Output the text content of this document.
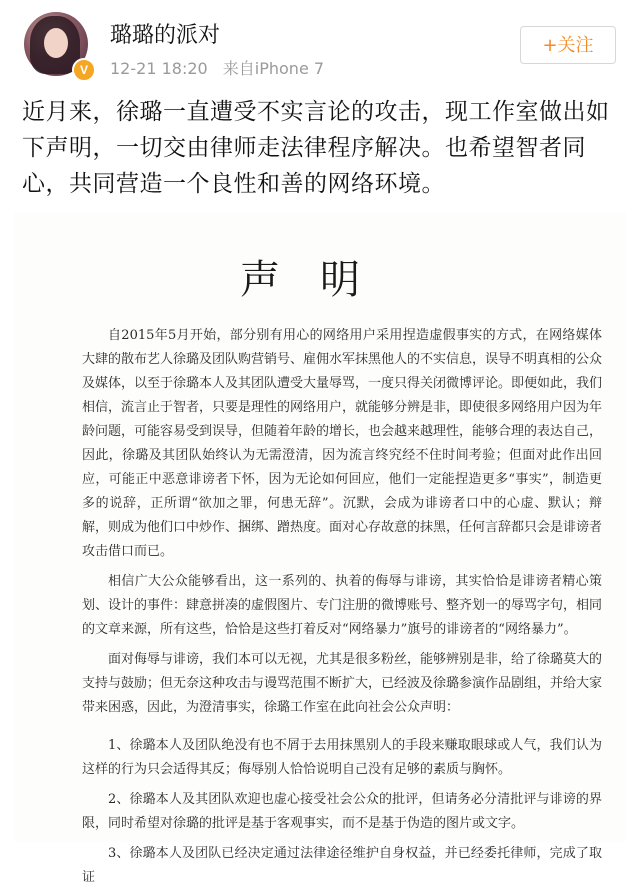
V
璐璐的派对
12-21 18:20 来自iPhone 7
+关注
近月来，徐璐一直遭受不实言论的攻击，现工作室做出如下声明，一切交由律师走法律程序解决。也希望智者同心，共同营造一个良性和善的网络环境。
声明

自2015年5月开始，部分别有用心的网络用户采用捏造虚假事实的方式，在网络媒体大肆的散布艺人徐璐及团队购营销号、雇佣水军抹黑他人的不实信息，误导不明真相的公众及媒体，以至于徐璐本人及其团队遭受大量辱骂，一度只得关闭微博评论。即便如此，我们相信，流言止于智者，只要是理性的网络用户，就能够分辨是非，即使很多网络用户因为年龄问题，可能容易受到误导，但随着年龄的增长，也会越来越理性，能够合理的表达自己，因此，徐璐及其团队始终认为无需澄清，因为流言终究经不住时间考验；但面对此作出回应，可能正中恶意诽谤者下怀，因为无论如何回应，他们一定能捏造更多“事实”，制造更多的说辞，正所谓“欲加之罪，何患无辞”。沉默，会成为诽谤者口中的心虚、默认；辩解，则成为他们口中炒作、捆绑、蹭热度。面对心存故意的抹黑，任何言辞都只会是诽谤者攻击借口而已。

相信广大公众能够看出，这一系列的、执着的侮辱与诽谤，其实恰恰是诽谤者精心策划、设计的事件：肆意拼凑的虚假图片、专门注册的微博账号、整齐划一的辱骂字句，相同的文章来源，所有这些，恰恰是这些打着反对“网络暴力”旗号的诽谤者的“网络暴力”。

面对侮辱与诽谤，我们本可以无视，尤其是很多粉丝，能够辨别是非，给了徐璐莫大的支持与鼓励；但无奈这种攻击与谩骂范围不断扩大，已经波及徐璐参演作品剧组，并给大家带来困惑，因此，为澄清事实，徐璐工作室在此向社会公众声明：

1、徐璐本人及团队绝没有也不屑于去用抹黑别人的手段来赚取眼球或人气，我们认为这样的行为只会适得其反；侮辱别人恰恰说明自己没有足够的素质与胸怀。

2、徐璐本人及其团队欢迎也虚心接受社会公众的批评，但请务必分清批评与诽谤的界限，同时希望对徐璐的批评是基于客观事实，而不是基于伪造的图片或文字。

3、徐璐本人及团队已经决定通过法律途径维护自身权益，并已经委托律师，完成了取证
